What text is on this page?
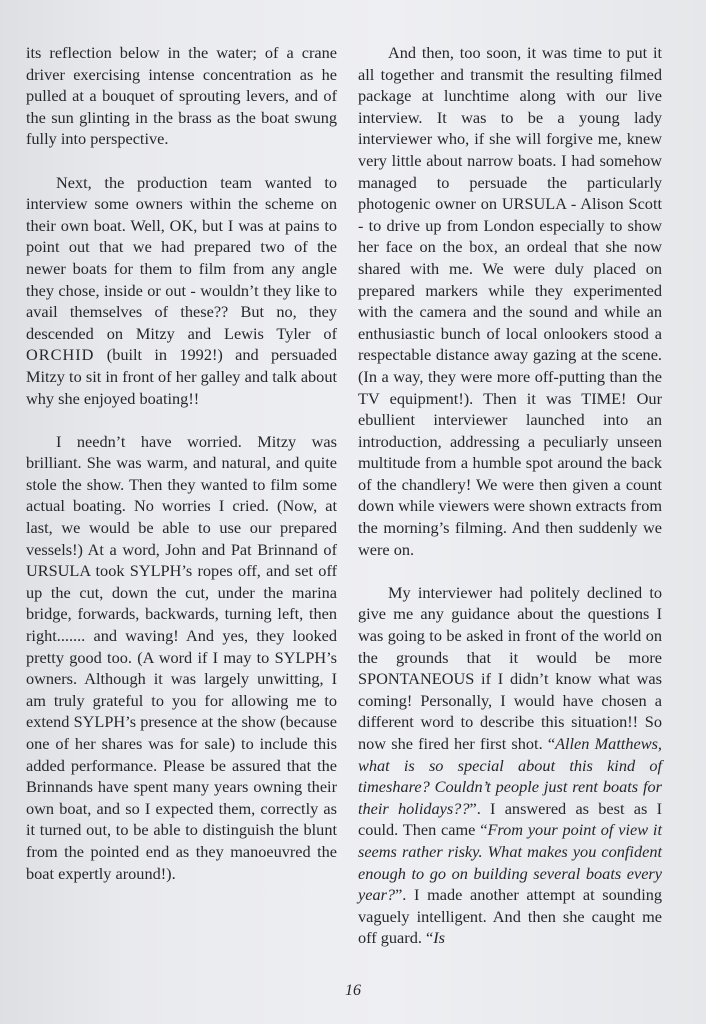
its reflection below in the water; of a crane driver exercising intense concentration as he pulled at a bouquet of sprouting levers, and of the sun glinting in the brass as the boat swung fully into perspective.

Next, the production team wanted to interview some owners within the scheme on their own boat. Well, OK, but I was at pains to point out that we had prepared two of the newer boats for them to film from any angle they chose, inside or out - wouldn’t they like to avail themselves of these?? But no, they descended on Mitzy and Lewis Tyler of ORCHID (built in 1992!) and persuaded Mitzy to sit in front of her galley and talk about why she enjoyed boating!!

I needn’t have worried. Mitzy was brilliant. She was warm, and natural, and quite stole the show. Then they wanted to film some actual boating. No worries I cried. (Now, at last, we would be able to use our prepared vessels!) At a word, John and Pat Brinnand of URSULA took SYLPH’s ropes off, and set off up the cut, down the cut, under the marina bridge, forwards, backwards, turning left, then right....... and waving! And yes, they looked pretty good too. (A word if I may to SYLPH’s owners. Although it was largely unwitting, I am truly grateful to you for allowing me to extend SYLPH’s presence at the show (because one of her shares was for sale) to include this added performance. Please be assured that the Brinnands have spent many years owning their own boat, and so I expected them, correctly as it turned out, to be able to distinguish the blunt from the pointed end as they manoeuvred the boat expertly around!).

And then, too soon, it was time to put it all together and transmit the resulting filmed package at lunchtime along with our live interview. It was to be a young lady interviewer who, if she will forgive me, knew very little about narrow boats. I had somehow managed to persuade the particularly photogenic owner on URSULA - Alison Scott - to drive up from London especially to show her face on the box, an ordeal that she now shared with me. We were duly placed on prepared markers while they experimented with the camera and the sound and while an enthusiastic bunch of local onlookers stood a respectable distance away gazing at the scene. (In a way, they were more off-putting than the TV equipment!). Then it was TIME! Our ebullient interviewer launched into an introduction, addressing a peculiarly unseen multitude from a humble spot around the back of the chandlery! We were then given a count down while viewers were shown extracts from the morning’s filming. And then suddenly we were on.

My interviewer had politely declined to give me any guidance about the questions I was going to be asked in front of the world on the grounds that it would be more SPONTANEOUS if I didn’t know what was coming! Personally, I would have chosen a different word to describe this situation!! So now she fired her first shot. “Allen Matthews, what is so special about this kind of timeshare? Couldn’t people just rent boats for their holidays??”. I answered as best as I could. Then came “From your point of view it seems rather risky. What makes you confident enough to go on building several boats every year?”. I made another attempt at sounding vaguely intelligent. And then she caught me off guard. “Is

16
